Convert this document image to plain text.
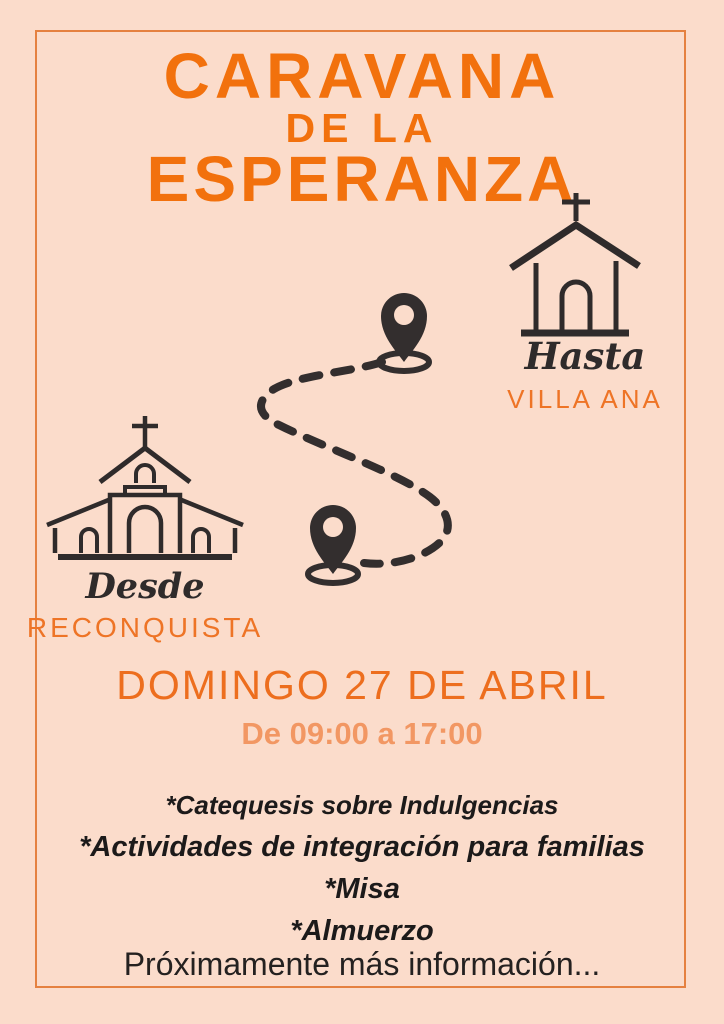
CARAVANA
DE LA
ESPERANZA
Hasta
VILLA ANA
Desde
RECONQUISTA
DOMINGO 27 DE ABRIL
De 09:00 a 17:00
*Catequesis sobre Indulgencias
*Actividades de integración para familias
*Misa
*Almuerzo
Próximamente más información...
